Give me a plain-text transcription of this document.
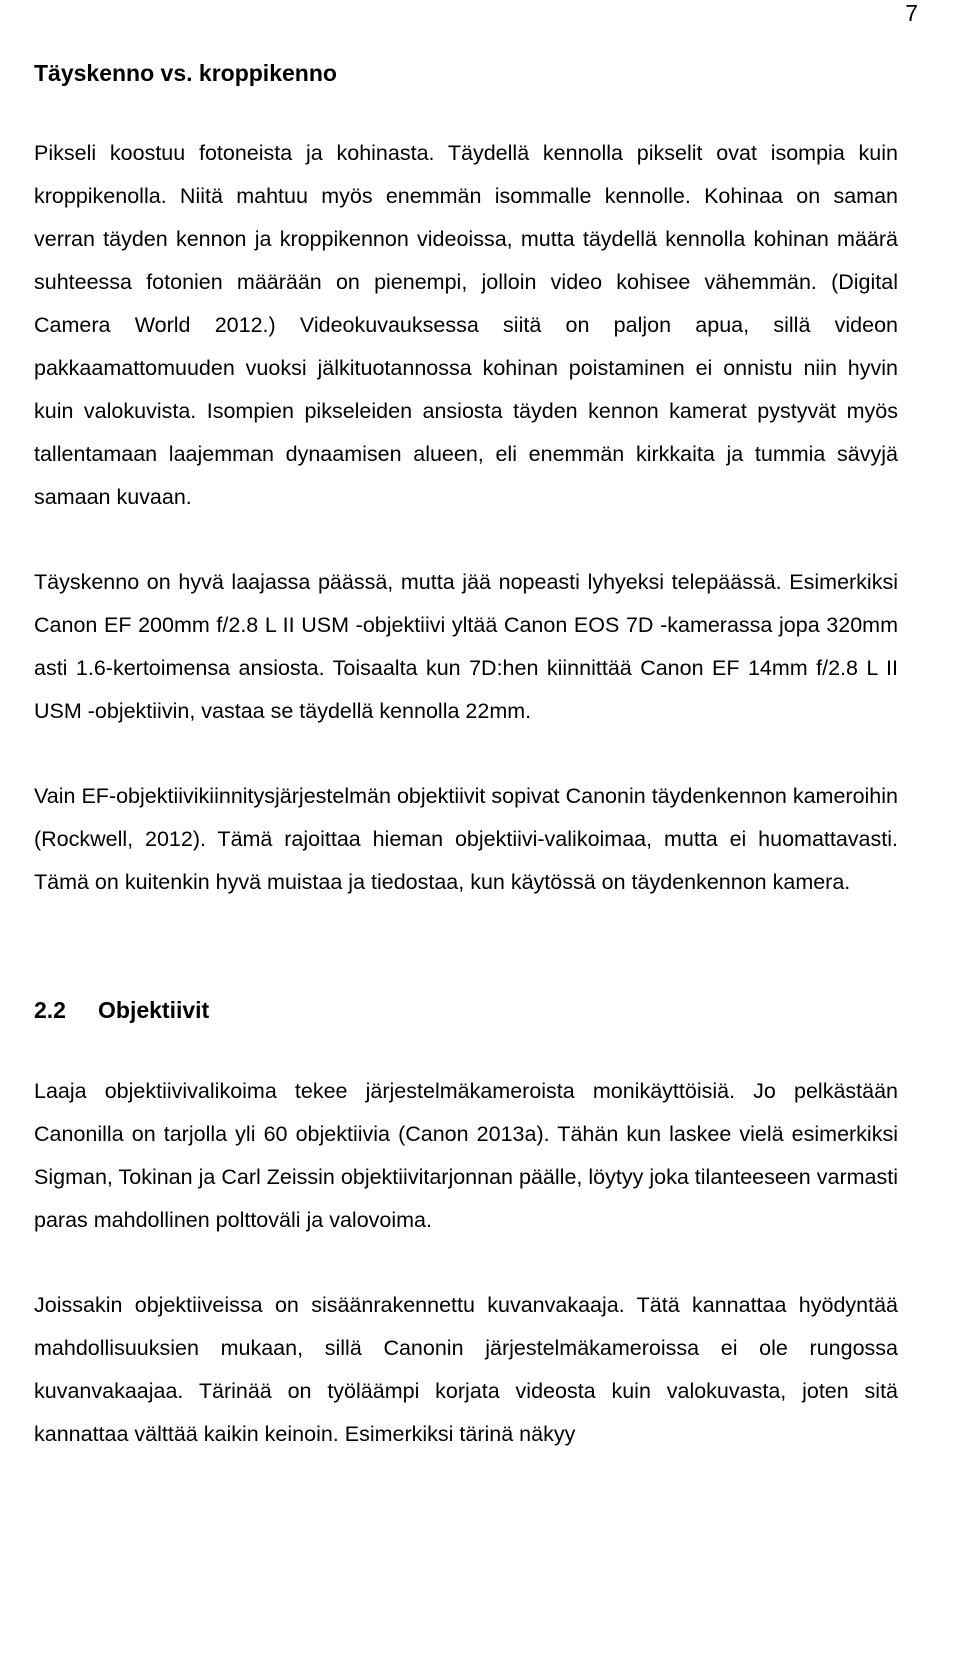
7
Täyskenno vs. kroppikenno

Pikseli koostuu fotoneista ja kohinasta. Täydellä kennolla pikselit ovat isompia kuin kroppikenolla. Niitä mahtuu myös enemmän isommalle kennolle. Kohinaa on saman verran täyden kennon ja kroppikennon videoissa, mutta täydellä kennolla kohinan määrä suhteessa fotonien määrään on pienempi, jolloin video kohisee vähemmän. (Digital Camera World 2012.) Videokuvauksessa siitä on paljon apua, sillä videon pakkaamattomuuden vuoksi jälkituotannossa kohinan poistaminen ei onnistu niin hyvin kuin valokuvista. Isompien pikseleiden ansiosta täyden kennon kamerat pystyvät myös tallentamaan laajemman dynaamisen alueen, eli enemmän kirkkaita ja tummia sävyjä samaan kuvaan.

Täyskenno on hyvä laajassa päässä, mutta jää nopeasti lyhyeksi telepäässä. Esimerkiksi Canon EF 200mm f/2.8 L II USM -objektiivi yltää Canon EOS 7D -kamerassa jopa 320mm asti 1.6-kertoimensa ansiosta. Toisaalta kun 7D:hen kiinnittää Canon EF 14mm f/2.8 L II USM -objektiivin, vastaa se täydellä kennolla 22mm.

Vain EF-objektiivikiinnitysjärjestelmän objektiivit sopivat Canonin täydenkennon kameroihin (Rockwell, 2012). Tämä rajoittaa hieman objektiivi-valikoimaa, mutta ei huomattavasti. Tämä on kuitenkin hyvä muistaa ja tiedostaa, kun käytössä on täydenkennon kamera.

2.2 Objektiivit

Laaja objektiivivalikoima tekee järjestelmäkameroista monikäyttöisiä. Jo pelkästään Canonilla on tarjolla yli 60 objektiivia (Canon 2013a). Tähän kun laskee vielä esimerkiksi Sigman, Tokinan ja Carl Zeissin objektiivitarjonnan päälle, löytyy joka tilanteeseen varmasti paras mahdollinen polttoväli ja valovoima.

Joissakin objektiiveissa on sisäänrakennettu kuvanvakaaja. Tätä kannattaa hyödyntää mahdollisuuksien mukaan, sillä Canonin järjestelmäkameroissa ei ole rungossa kuvanvakaajaa. Tärinää on työläämpi korjata videosta kuin valokuvasta, joten sitä kannattaa välttää kaikin keinoin. Esimerkiksi tärinä näkyy
